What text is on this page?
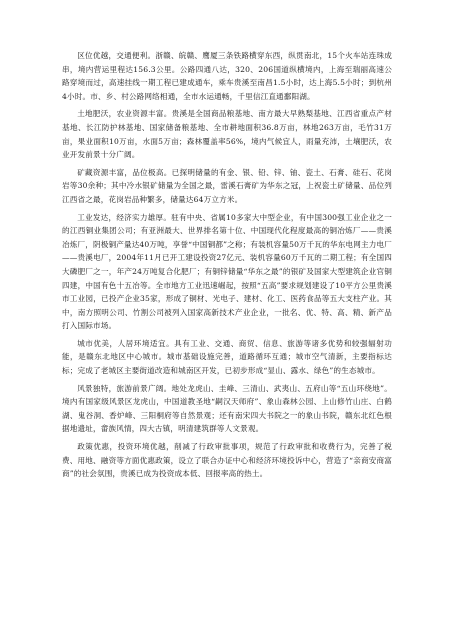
区位优越，交通便利。浙赣、皖赣、鹰厦三条铁路横穿东西，纵贯南北，15个火车站连珠成串，境内营运里程达156.3公里。公路四通八达，320、206国道纵横境内，上海至瑞丽高速公路穿境而过，高速挂线一期工程已建成通车，乘车贵溪至南昌1.5小时，达上海5.5小时；到杭州4小时。市、乡、村公路网络相通，全市水运通畅，千里信江直通鄱阳湖。

土地肥沃，农业资源丰富。贵溪是全国商品粮基地、南方最大早熟梨基地、江西省重点产材基地、长江防护林基地、国家储备粮基地、全市耕地面积36.8万亩，林地263万亩，毛竹31万亩，果业面积10万亩，水面5万亩；森林覆盖率56%，境内气候宜人，雨量充沛，土壤肥沃，农业开发前景十分广阔。

矿藏资源丰富，品位极高。已探明储量的有金、银、铅、锌、铀、瓷土、石膏、硅石、花岗岩等30余种；其中冷水银矿储量为全国之最，雷溪石膏矿为华东之冠，上祝瓷土矿储量、品位列江西省之最，花岗岩品种繁多，储量达64万立方米。

工业发达，经济实力雄厚。驻有中央、省属10多家大中型企业，有中国300强工业企业之一的江西铜业集团公司；有亚洲最大、世界排名第十位、中国现代化程度最高的铜冶炼厂——贵溪冶炼厂，阴极铜产量达40万吨，享誉“中国铜都”之称；有装机容量50万千瓦的华东电网主力电厂——贵溪电厂，2004年11月已开工建设投资27亿元、装机容量60万千瓦的二期工程；有全国四大磷肥厂之一，年产24万吨复合化肥厂；有铜锌储量“华东之最”的银矿及国家大型建筑企业官铜四建，中国有色十五冶等。全市地方工业迅速崛起，按照“五高”要求规划建设了10平方公里贵溪市工业园，已投产企业35家，形成了铜材、光电子、建材、化工、医药食品等五大支柱产业。其中，南方照明公司、竹割公司被列入国家高新技术产业企业，一批名、优、特、高、精、新产品打入国际市场。

城市优美，人居环境适宜。具有工业、交通、商贸、信息、旅游等诸多优势和较强辐射功能，是赣东北地区中心城市。城市基础设施完善，道路循环互通；城市空气清新，主要指标达标；完成了老城区主要街道改造和城南区开发，已初步形成“显山、露水、绿色”的生态城市。

风景独特，旅游前景广阔。地处龙虎山、圭峰、三清山、武夷山、五府山等“五山环绕地”。境内有国家级风景区龙虎山，中国道教圣地“嗣汉天师府”、象山森林公园、上山修竹山庄、白鹤湖、鬼谷洞、香炉峰、三阳桐府等自然景观；还有南宋四大书院之一的象山书院，赣东北红色根据地遗址，畲族风情，四大古镇，明清建筑群等人文景观。

政策优惠，投资环境优越，削减了行政审批事项，规范了行政审批和收费行为，完善了税费、用地、融资等方面优惠政策，设立了联合办证中心和经济环境投诉中心，营造了“亲商安商富商”的社会氛围，贵溪已成为投资成本低、回报率高的热土。
